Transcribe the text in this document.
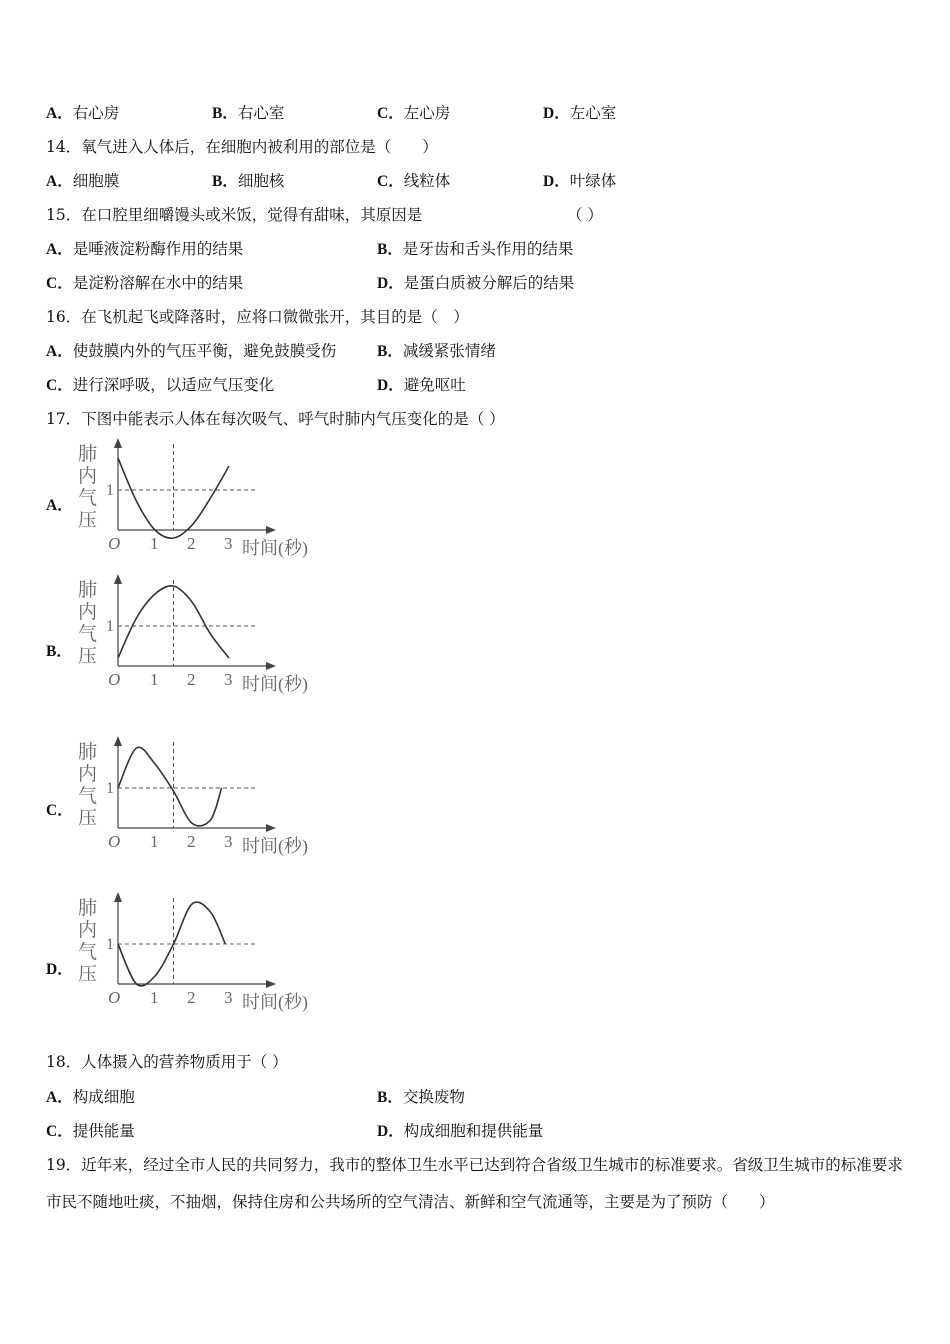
A．右心房	B．右心室	C．左心房	D．左心室
14．氧气进入人体后，在细胞内被利用的部位是（　　）
A．细胞膜	B．细胞核	C．线粒体	D．叶绿体
15．在口腔里细嚼馒头或米饭，觉得有甜味，其原因是	（ ）
A．是唾液淀粉酶作用的结果	B．是牙齿和舌头作用的结果
C．是淀粉溶解在水中的结果	D．是蛋白质被分解后的结果
16．在飞机起飞或降落时，应将口微微张开，其目的是（　）
A．使鼓膜内外的气压平衡，避免鼓膜受伤	B．减缓紧张情绪
C．进行深呼吸，以适应气压变化	D．避免呕吐
17．下图中能表示人体在每次吸气、呼气时肺内气压变化的是（ ）
A．
1
O 1 2 3 时间(秒)
肺
内
气
压
B．
1
O 1 2 3 时间(秒)
肺
内
气
压
C．
1
O 1 2 3 时间(秒)
肺
内
气
压
D．
1
O 1 2 3 时间(秒)
肺
内
气
压
18．人体摄入的营养物质用于（ ）
A．构成细胞	B．交换废物
C．提供能量	D．构成细胞和提供能量
19．近年来，经过全市人民的共同努力，我市的整体卫生水平已达到符合省级卫生城市的标准要求。省级卫生城市的标准要求市民不随地吐痰，不抽烟，保持住房和公共场所的空气清洁、新鲜和空气流通等，主要是为了预防（　　）
